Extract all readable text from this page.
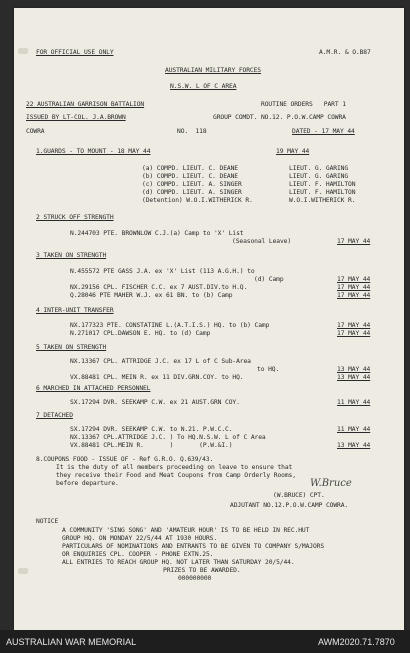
FOR OFFICIAL USE ONLY	A.M.R. & O.B87
AUSTRALIAN MILITARY FORCES
N.S.W. L OF C AREA
22 AUSTRALIAN GARRISON BATTALION	ROUTINE ORDERS   PART 1
ISSUED BY LT-COL. J.A.BROWN	GROUP COMDT. NO.12. P.O.W.CAMP COWRA
COWRA	NO.  118	DATED - 17 MAY 44
1.GUARDS - TO MOUNT - 18 MAY 44	19 MAY 44
(a) COMPD. LIEUT. C. DEANE	LIEUT. G. GARING
(b) COMPD. LIEUT. C. DEANE	LIEUT. G. GARING
(c) COMPD. LIEUT. A. SINGER	LIEUT. F. HAMILTON
(d) COMPD. LIEUT. A. SINGER	LIEUT. F. HAMILTON
(Detention) W.O.I.WITHERICK R.	W.O.I.WITHERICK R.
2 STRUCK OFF STRENGTH
N.244703 PTE. BROWNLOW C.J.(a) Camp to 'X' List
(Seasonal Leave)	17 MAY 44
3 TAKEN ON STRENGTH
N.455572 PTE GASS J.A. ex 'X' List (113 A.G.H.) to
(d) Camp	17 MAY 44
NX.29156 CPL. FISCHER C.C. ex 7 AUST.DIV.to H.Q.	17 MAY 44
Q.28046 PTE MAHER W.J. ex 61 BN. to (b) Camp	17 MAY 44
4 INTER-UNIT TRANSFER
NX.177323 PTE. CONSTATINE L.(A.T.I.S.) HQ. to (b) Camp	17 MAY 44
N.271017 CPL.DAWSON E. HQ. to (d) Camp	17 MAY 44
5 TAKEN ON STRENGTH
NX.13367 CPL. ATTRIDGE J.C. ex 17 L of C Sub-Area
to HQ.	13 MAY 44
VX.88481 CPL. MEIN R. ex 11 DIV.GRN.COY. to HQ.	13 MAY 44
6 MARCHED IN ATTACHED PERSONNEL
SX.17294 DVR. SEEKAMP C.W. ex 21 AUST.GRN COY.	11 MAY 44
7 DETACHED
SX.17294 DVR. SEEKAMP C.W. to N.21. P.W.C.C.	11 MAY 44
NX.13367 CPL.ATTRIDGE J.C. ) To HQ.N.S.W. L of C Area
VX.88481 CPL.MEIN R.       )       (P.W.&I.)	13 MAY 44
8.COUPONS FOOD - ISSUE OF - Ref G.R.O. Q.639/43.
It is the duty of all members proceeding on leave to ensure that
they receive their Food and Meat Coupons from Camp Orderly Rooms,
before departure.	W.Bruce
(W.BRUCE) CPT.
ADJUTANT NO.12.P.O.W.CAMP COWRA.
NOTICE
A COMMUNITY 'SING SONG' AND 'AMATEUR HOUR' IS TO BE HELD IN REC.HUT
GROUP HQ. ON MONDAY 22/5/44 AT 1930 HOURS.
PARTICULARS OF NOMINATIONS AND ENTRANTS TO BE GIVEN TO COMPANY S/MAJORS
OR ENQUIRIES CPL. COOPER - PHONE EXTN.25.
ALL ENTRIES TO REACH GROUP HQ. NOT LATER THAN SATURDAY 20/5/44.
PRIZES TO BE AWARDED.
000000000
AUSTRALIAN WAR MEMORIAL	AWM2020.71.7870
